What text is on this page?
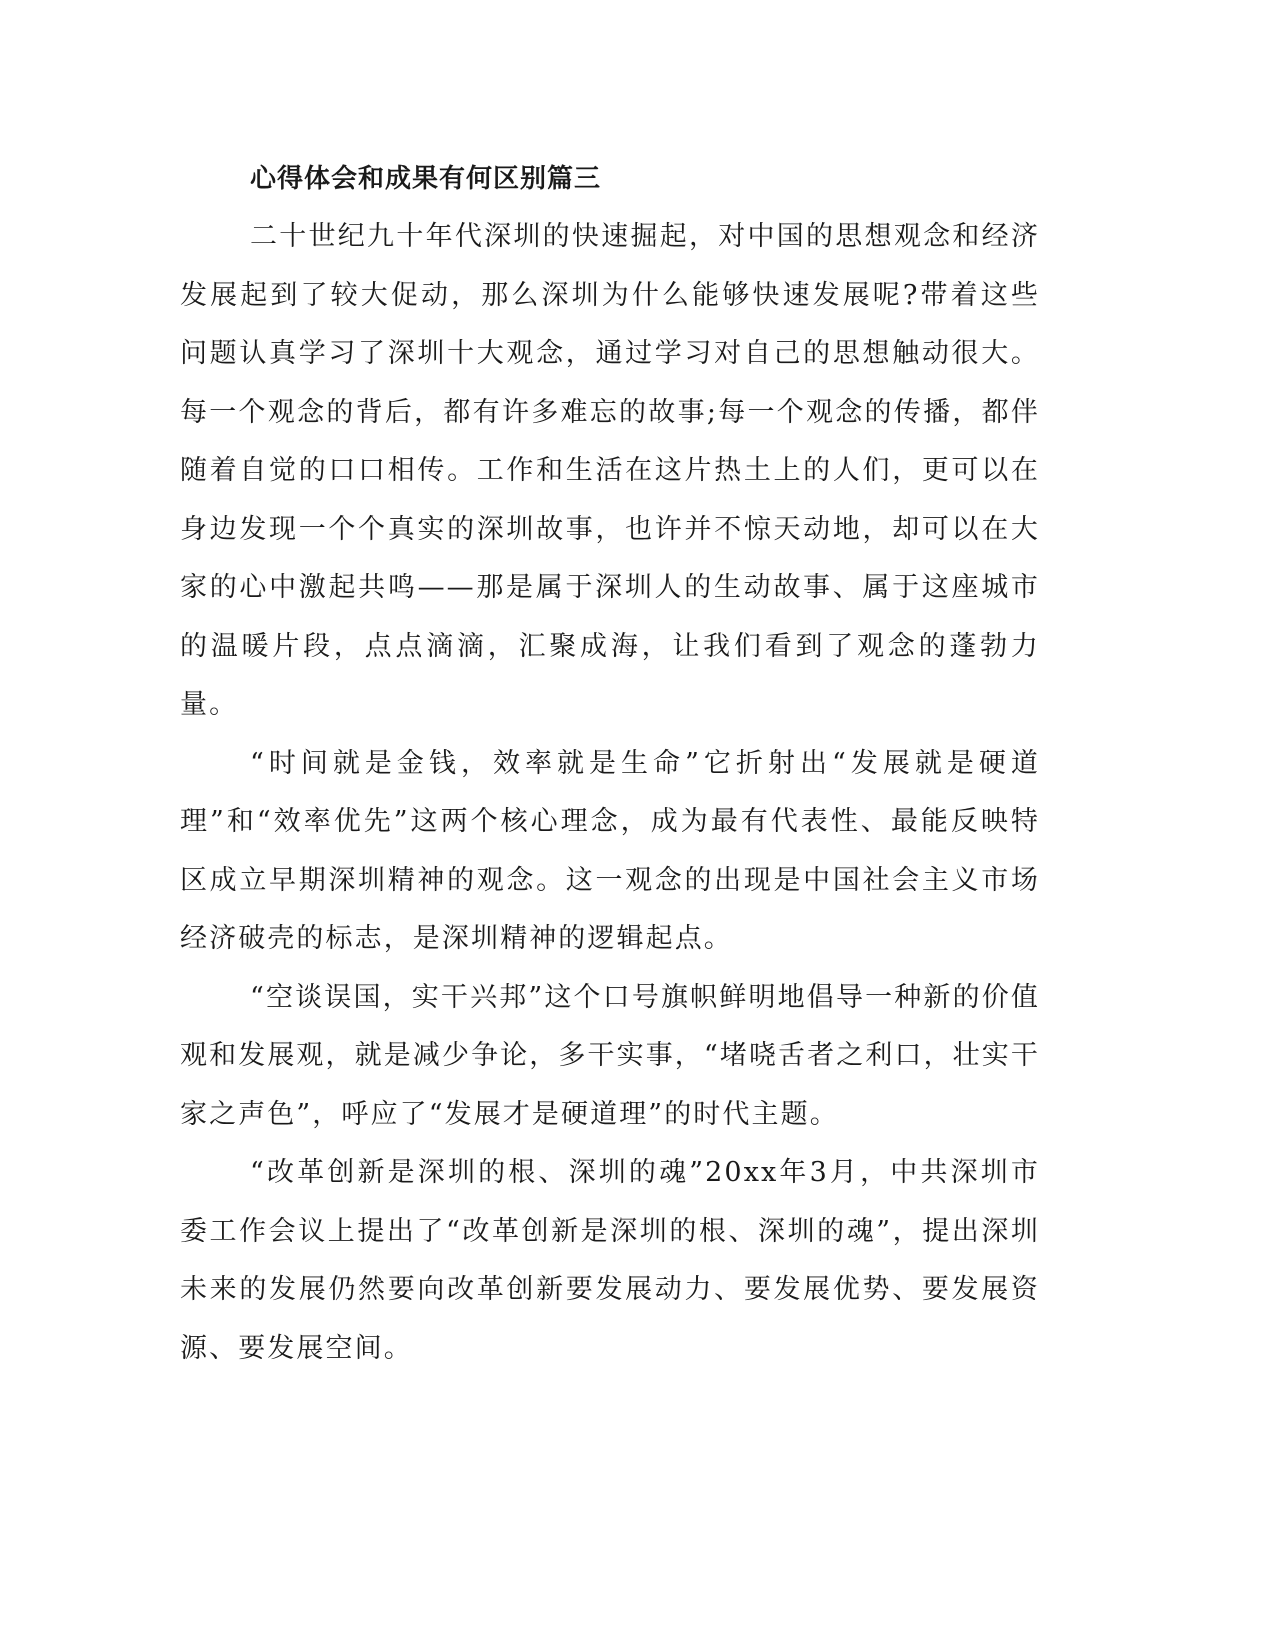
心得体会和成果有何区别篇三

二十世纪九十年代深圳的快速掘起，对中国的思想观念和经济发展起到了较大促动，那么深圳为什么能够快速发展呢?带着这些问题认真学习了深圳十大观念，通过学习对自己的思想触动很大。每一个观念的背后，都有许多难忘的故事;每一个观念的传播，都伴随着自觉的口口相传。工作和生活在这片热土上的人们，更可以在身边发现一个个真实的深圳故事，也许并不惊天动地，却可以在大家的心中激起共鸣——那是属于深圳人的生动故事、属于这座城市的温暖片段，点点滴滴，汇聚成海，让我们看到了观念的蓬勃力量。

“时间就是金钱，效率就是生命”它折射出“发展就是硬道理”和“效率优先”这两个核心理念，成为最有代表性、最能反映特区成立早期深圳精神的观念。这一观念的出现是中国社会主义市场经济破壳的标志，是深圳精神的逻辑起点。

“空谈误国，实干兴邦”这个口号旗帜鲜明地倡导一种新的价值观和发展观，就是减少争论，多干实事，“堵哓舌者之利口，壮实干家之声色”，呼应了“发展才是硬道理”的时代主题。

“改革创新是深圳的根、深圳的魂”20xx年3月，中共深圳市委工作会议上提出了“改革创新是深圳的根、深圳的魂”，提出深圳未来的发展仍然要向改革创新要发展动力、要发展优势、要发展资源、要发展空间。
